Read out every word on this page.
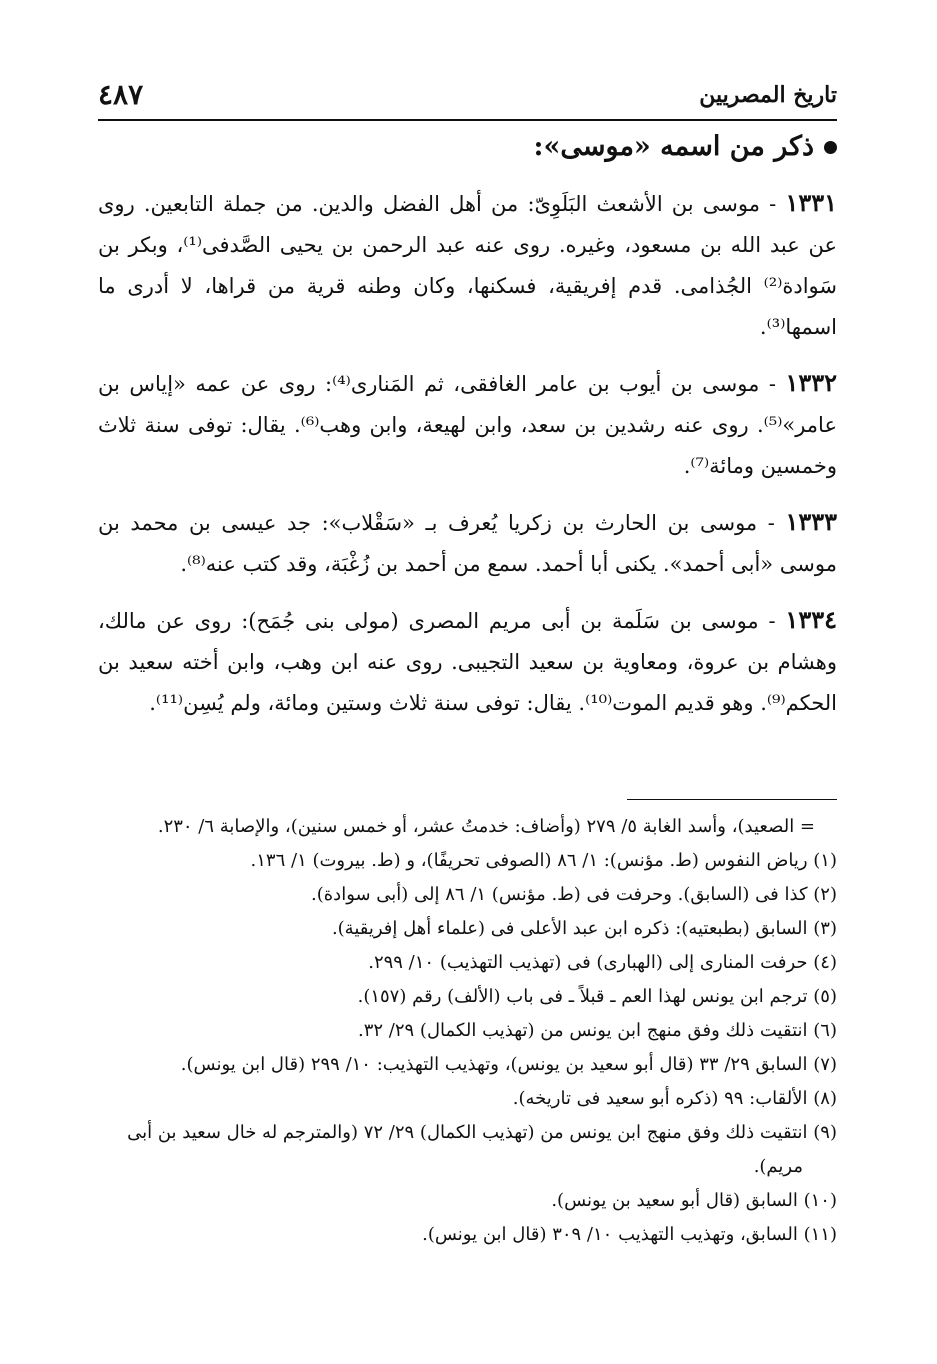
تاريخ المصريين
٤٨٧
ذكر من اسمه «موسى»:

١٣٣١ - موسى بن الأشعث البَلَوِىّ: من أهل الفضل والدين. من جملة التابعين. روى عن عبد الله بن مسعود، وغيره. روى عنه عبد الرحمن بن يحيى الصَّدفى⁽¹⁾، وبكر بن سَوادة⁽²⁾ الجُذامى. قدم إفريقية، فسكنها، وكان وطنه قرية من قراها، لا أدرى ما اسمها⁽³⁾.

١٣٣٢ - موسى بن أيوب بن عامر الغافقى، ثم المَنارى⁽⁴⁾: روى عن عمه «إياس بن عامر»⁽⁵⁾. روى عنه رشدين بن سعد، وابن لهيعة، وابن وهب⁽⁶⁾. يقال: توفى سنة ثلاث وخمسين ومائة⁽⁷⁾.

١٣٣٣ - موسى بن الحارث بن زكريا يُعرف بـ «سَقْلاب»: جد عيسى بن محمد بن موسى «أبى أحمد». يكنى أبا أحمد. سمع من أحمد بن زُغْبَة، وقد كتب عنه⁽⁸⁾.

١٣٣٤ - موسى بن سَلَمة بن أبى مريم المصرى (مولى بنى جُمَح): روى عن مالك، وهشام بن عروة، ومعاوية بن سعيد التجيبى. روى عنه ابن وهب، وابن أخته سعيد بن الحكم⁽⁹⁾. وهو قديم الموت⁽¹⁰⁾. يقال: توفى سنة ثلاث وستين ومائة، ولم يُسِن⁽¹¹⁾.

= الصعيد)، وأسد الغابة ٥/ ٢٧٩ (وأضاف: خدمتُ عشر، أو خمس سنين)، والإصابة ٦/ ٢٣٠.

(١) رياض النفوس (ط. مؤنس): ١/ ٨٦ (الصوفى تحريفًا)، و (ط. بيروت) ١/ ١٣٦.

(٢) كذا فى (السابق). وحرفت فى (ط. مؤنس) ١/ ٨٦ إلى (أبى سوادة).

(٣) السابق (بطبعتيه): ذكره ابن عبد الأعلى فى (علماء أهل إفريقية).

(٤) حرفت المنارى إلى (الهبارى) فى (تهذيب التهذيب) ١٠/ ٢٩٩.

(٥) ترجم ابن يونس لهذا العم ـ قبلاً ـ فى باب (الألف) رقم (١٥٧).

(٦) انتقيت ذلك وفق منهج ابن يونس من (تهذيب الكمال) ٢٩/ ٣٢.

(٧) السابق ٢٩/ ٣٣ (قال أبو سعيد بن يونس)، وتهذيب التهذيب: ١٠/ ٢٩٩ (قال ابن يونس).

(٨) الألقاب: ٩٩ (ذكره أبو سعيد فى تاريخه).

(٩) انتقيت ذلك وفق منهج ابن يونس من (تهذيب الكمال) ٢٩/ ٧٢ (والمترجم له خال سعيد بن أبى مريم).

(١٠) السابق (قال أبو سعيد بن يونس).

(١١) السابق، وتهذيب التهذيب ١٠/ ٣٠٩ (قال ابن يونس).
